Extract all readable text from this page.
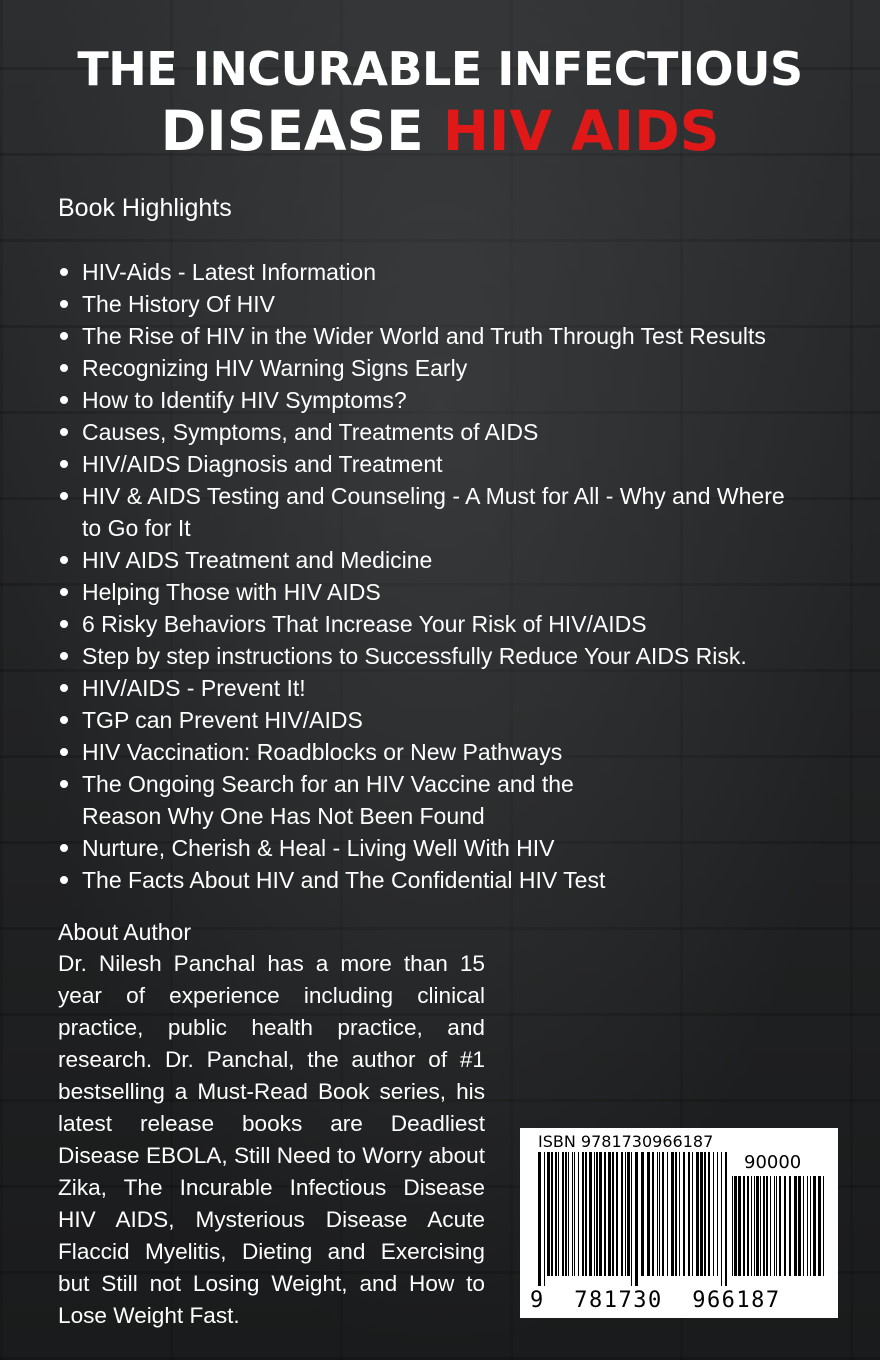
THE INCURABLE INFECTIOUS
DISEASE HIV AIDS
Book Highlights
HIV-Aids - Latest Information
The History Of HIV
The Rise of HIV in the Wider World and Truth Through Test Results
Recognizing HIV Warning Signs Early
How to Identify HIV Symptoms?
Causes, Symptoms, and Treatments of AIDS
HIV/AIDS Diagnosis and Treatment
HIV & AIDS Testing and Counseling - A Must for All - Why and Where to Go for It
HIV AIDS Treatment and Medicine
Helping Those with HIV AIDS
6 Risky Behaviors That Increase Your Risk of HIV/AIDS
Step by step instructions to Successfully Reduce Your AIDS Risk.
HIV/AIDS - Prevent It!
TGP can Prevent HIV/AIDS
HIV Vaccination: Roadblocks or New Pathways
The Ongoing Search for an HIV Vaccine and the Reason Why One Has Not Been Found
Nurture, Cherish & Heal - Living Well With HIV
The Facts About HIV and The Confidential HIV Test
About Author
Dr. Nilesh Panchal has a more than 15 year of experience including clinical practice, public health practice, and research. Dr. Panchal, the author of #1 bestselling a Must-Read Book series, his latest release books are Deadliest Disease EBOLA, Still Need to Worry about Zika, The Incurable Infectious Disease HIV AIDS, Mysterious Disease Acute Flaccid Myelitis, Dieting and Exercising but Still not Losing Weight, and How to Lose Weight Fast.
ISBN 9781730966187
90000
9  781730  966187
